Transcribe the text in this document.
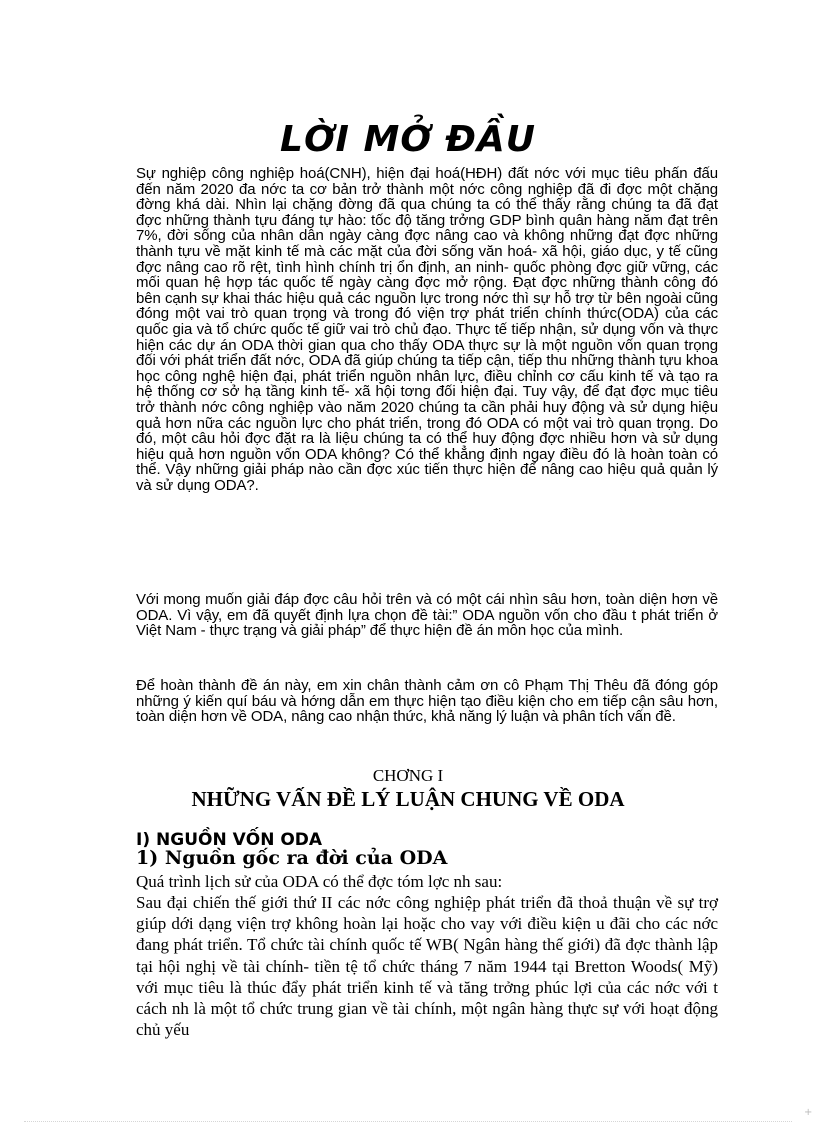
LỜI MỞ ĐẦU
Sự nghiệp công nghiệp hoá(CNH), hiện đại hoá(HĐH) đất nớc với mục tiêu phấn đấu đến năm 2020 đa nớc ta cơ bản trở thành một nớc công nghiệp đã đi đợc một chặng đờng khá dài. Nhìn lại chặng đờng đã qua chúng ta có thể thấy rằng chúng ta đã đạt đợc những thành tựu đáng tự hào: tốc độ tăng trởng GDP bình quân hàng năm đạt trên 7%, đời sống của nhân dân ngày càng đợc nâng cao và không những đạt đợc những thành tựu về mặt kinh tế mà các mặt của đời sống văn hoá- xã hội, giáo dục, y tế cũng đợc nâng cao rõ rệt, tình hình chính trị ổn định, an ninh- quốc phòng đợc giữ vững, các mối quan hệ hợp tác quốc tế ngày càng đợc mở rộng. Đạt đợc những thành công đó bên cạnh sự khai thác hiệu quả các nguồn lực trong nớc thì sự hỗ trợ từ bên ngoài cũng đóng một vai trò quan trọng và trong đó viện trợ phát triển chính thức(ODA) của các quốc gia và tổ chức quốc tế giữ vai trò chủ đạo. Thực tế tiếp nhận, sử dụng vốn và thực hiện các dự án ODA thời gian qua cho thấy ODA thực sự là một nguồn vốn quan trọng đối với phát triển đất nớc, ODA đã giúp chúng ta tiếp cận, tiếp thu những thành tựu khoa học công nghệ hiện đại, phát triển nguồn nhân lực, điều chỉnh cơ cấu kinh tế và tạo ra hệ thống cơ sở hạ tầng kinh tế- xã hội tơng đối hiện đại. Tuy vậy, để đạt đợc mục tiêu trở thành nớc công nghiệp vào năm 2020 chúng ta cần phải huy động và sử dụng hiệu quả hơn nữa các nguồn lực cho phát triển, trong đó ODA có một vai trò quan trọng. Do đó, một câu hỏi đợc đặt ra là liệu chúng ta có thể huy động đợc nhiều hơn và sử dụng hiệu quả hơn nguồn vốn ODA không? Có thể khẳng định ngay điều đó là hoàn toàn có thể. Vậy những giải pháp nào cần đợc xúc tiến thực hiện để nâng cao hiệu quả quản lý và sử dụng ODA?.
Với mong muốn giải đáp đợc câu hỏi trên và có một cái nhìn sâu hơn, toàn diện hơn về ODA. Vì vậy, em đã quyết định lựa chọn đề tài:” ODA nguồn vốn cho đầu t phát triển ở Việt Nam - thực trạng và giải pháp” để thực hiện đề án môn học của mình.
Để hoàn thành đề án này, em xin chân thành cảm ơn cô Phạm Thị Thêu đã đóng góp những ý kiến quí báu và hớng dẫn em thực hiện tạo điều kiện cho em tiếp cận sâu hơn, toàn diện hơn về ODA, nâng cao nhận thức, khả năng lý luận và phân tích vấn đề.
CHƠNG I
NHỮNG VẤN ĐỀ LÝ LUẬN CHUNG VỀ ODA
I) NGUỒN VỐN ODA
1) Nguồn gốc ra đời của ODA
Quá trình lịch sử của ODA có thể đợc tóm lợc nh sau:
Sau đại chiến thế giới thứ II các nớc công nghiệp phát triển đã thoả thuận về sự trợ giúp dới dạng viện trợ không hoàn lại hoặc cho vay với điều kiện u đãi cho các nớc đang phát triển. Tổ chức tài chính quốc tế WB( Ngân hàng thế giới) đã đợc thành lập tại hội nghị về tài chính- tiền tệ tổ chức tháng 7 năm 1944 tại Bretton Woods( Mỹ) với mục tiêu là thúc đẩy phát triển kinh tế và tăng trởng phúc lợi của các nớc với t cách nh là một tổ chức trung gian về tài chính, một ngân hàng thực sự với hoạt động chủ yếu
+
